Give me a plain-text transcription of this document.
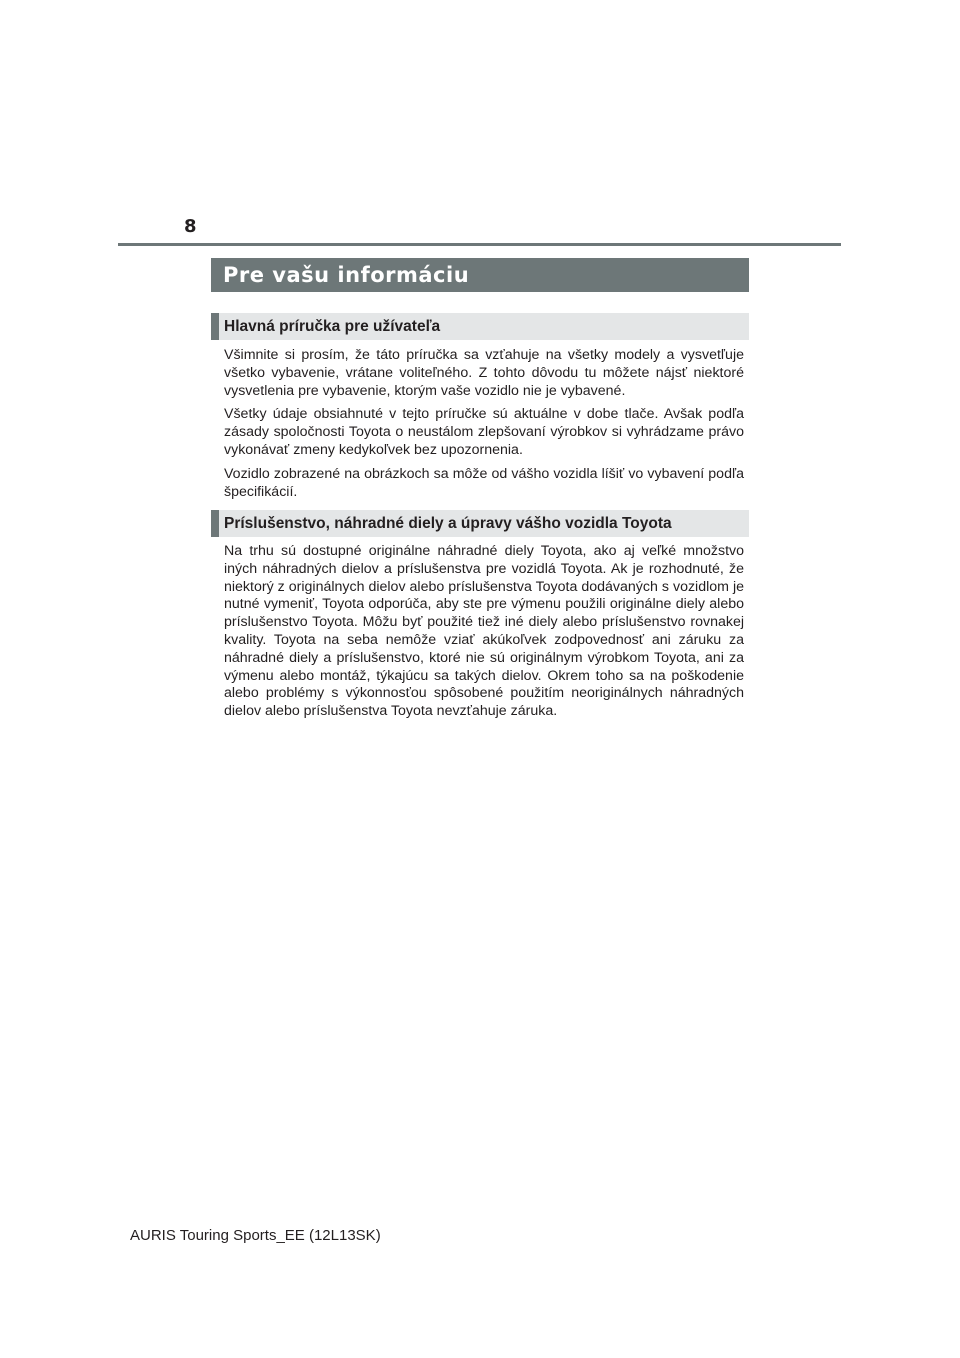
8
Pre vašu informáciu
Hlavná príručka pre užívateľa

Všimnite si prosím, že táto príručka sa vzťahuje na všetky modely a vysvetľuje všetko vybavenie, vrátane voliteľného. Z tohto dôvodu tu môžete nájsť niektoré vysvetlenia pre vybavenie, ktorým vaše vozidlo nie je vybavené.

Všetky údaje obsiahnuté v tejto príručke sú aktuálne v dobe tlače. Avšak podľa zásady spoločnosti Toyota o neustálom zlepšovaní výrobkov si vyhrádzame právo vykonávať zmeny kedykoľvek bez upozornenia.

Vozidlo zobrazené na obrázkoch sa môže od vášho vozidla líšiť vo vybavení podľa špecifikácií.

Príslušenstvo, náhradné diely a úpravy vášho vozidla Toyota

Na trhu sú dostupné originálne náhradné diely Toyota, ako aj veľké množstvo iných náhradných dielov a príslušenstva pre vozidlá Toyota. Ak je rozhodnuté, že niektorý z originálnych dielov alebo príslušenstva Toyota dodávaných s vozidlom je nutné vymeniť, Toyota odporúča, aby ste pre výmenu použili originálne diely alebo príslušenstvo Toyota. Môžu byť použité tiež iné diely alebo príslušenstvo rovnakej kvality. Toyota na seba nemôže vziať akúkoľvek zodpovednosť ani záruku za náhradné diely a príslušenstvo, ktoré nie sú originálnym výrobkom Toyota, ani za výmenu alebo montáž, týkajúcu sa takých dielov. Okrem toho sa na poškodenie alebo problémy s výkonnosťou spôsobené použitím neoriginálnych náhradných dielov alebo príslušenstva Toyota nevzťahuje záruka.

AURIS Touring Sports_EE (12L13SK)
